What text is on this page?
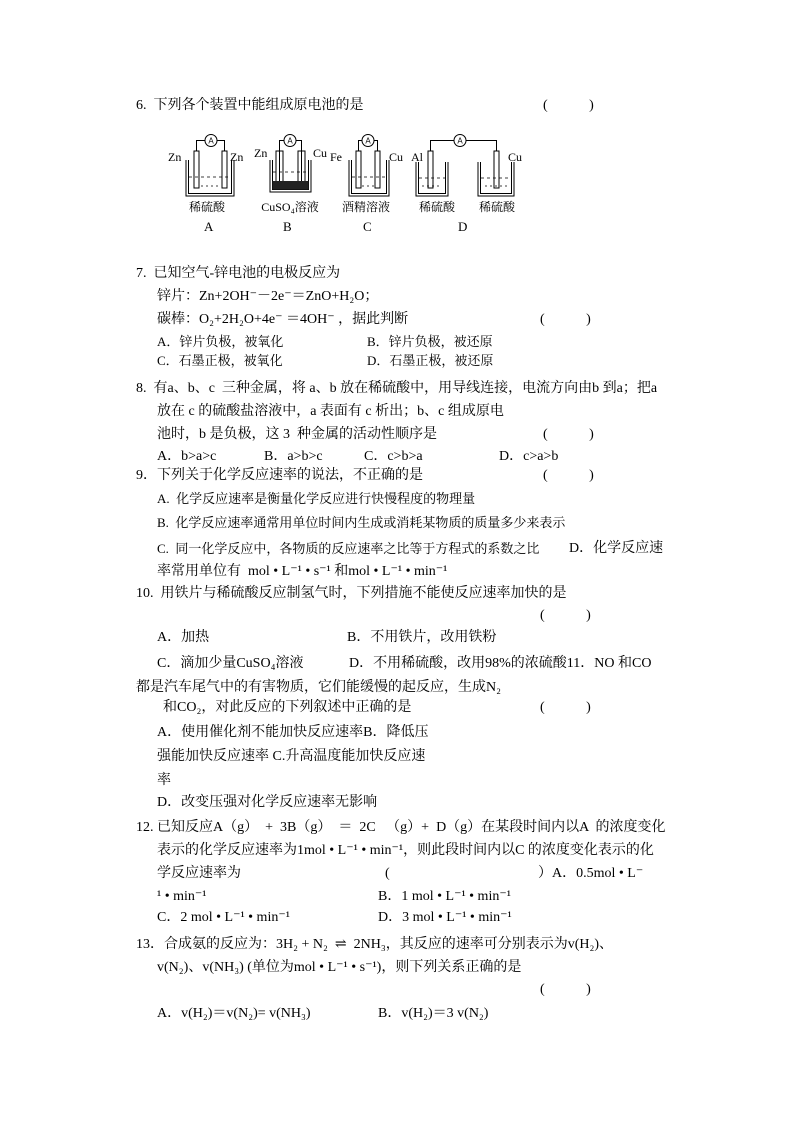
6.  下列各个装置中能组成原电池的是	(        )
A	A	A	A
Zn	Zn Zn	Cu Fe	Cu Al	Cu
稀硫酸	CuSO₄溶液	酒精溶液	稀硫酸 稀硫酸
A	B	C	D
7.  已知空气-锌电池的电极反应为
锌片：Zn+2OH⁻－2e⁻＝ZnO+H₂O；
碳棒：O₂+2H₂O+4e⁻ ＝4OH⁻ ，据此判断	(        )
A．锌片负极，被氧化	B．锌片负极，被还原
C．石墨正极，被氧化	D．石墨正极，被还原
8.  有a、b、c  三种金属，将 a、b 放在稀硫酸中，用导线连接，电流方向由b 到a；把a
放在 c 的硫酸盐溶液中，a 表面有 c 析出；b、c 组成原电
池时，b 是负极，这 3  种金属的活动性顺序是	(        )
A．b>a>c	B．a>b>c	C．c>b>a	D．c>a>b
9．下列关于化学反应速率的说法，不正确的是	(        )
A.  化学反应速率是衡量化学反应进行快慢程度的物理量
B.  化学反应速率通常用单位时间内生成或消耗某物质的质量多少来表示
C.  同一化学反应中，各物质的反应速率之比等于方程式的系数之比 D．化学反应速
率常用单位有  mol • L⁻¹ • s⁻¹ 和mol • L⁻¹ • min⁻¹
10.  用铁片与稀硫酸反应制氢气时，下列措施不能使反应速率加快的是
(        )
A．加热	B．不用铁片，改用铁粉
C．滴加少量CuSO₄溶液	D．不用稀硫酸，改用98%的浓硫酸11．NO 和CO
都是汽车尾气中的有害物质，它们能缓慢的起反应，生成N₂
和CO₂，对此反应的下列叙述中正确的是	(        )
A．使用催化剂不能加快反应速率B．降低压
强能加快反应速率 C.升高温度能加快反应速
率
D．改变压强对化学反应速率无影响
12. 已知反应A（g）  +  3B（g）  ＝  2C   （g）+  D（g）在某段时间内以A  的浓度变化
表示的化学反应速率为1mol • L⁻¹ • min⁻¹，则此段时间内以C 的浓度变化表示的化
学反应速率为	(	）A．0.5mol • L⁻
¹ • min⁻¹	B．1 mol • L⁻¹ • min⁻¹
C．2 mol • L⁻¹ • min⁻¹	D．3 mol • L⁻¹ • min⁻¹
13．合成氨的反应为：3H₂ + N₂  ⇌  2NH₃，其反应的速率可分别表示为v(H₂)、
v(N₂)、v(NH₃) (单位为mol • L⁻¹ • s⁻¹)，则下列关系正确的是
(        )
A．v(H₂)＝v(N₂)= v(NH₃)	B．v(H₂)＝3 v(N₂)
